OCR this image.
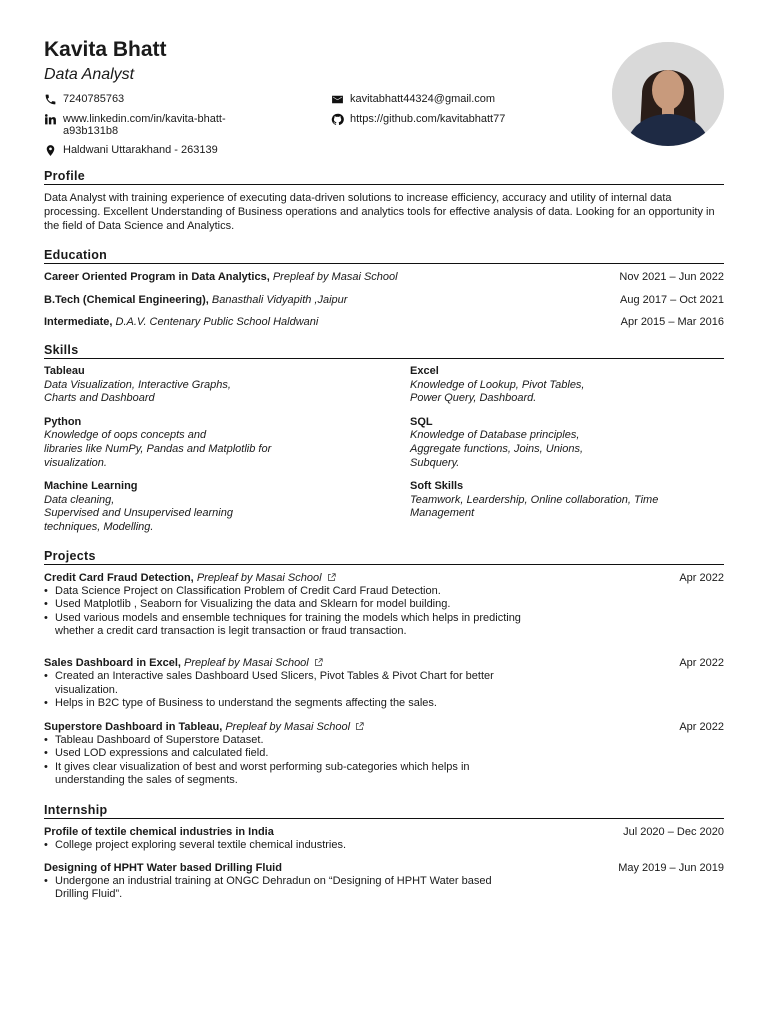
Kavita Bhatt
Data Analyst
7240785763	kavitabhatt44324@gmail.com
www.linkedin.com/in/kavita-bhatt-
a93b131b8
https://github.com/kavitabhatt77
Haldwani Uttarakhand - 263139
Profile

Data Analyst with training experience of executing data-driven solutions to increase efficiency, accuracy and utility of internal data processing. Excellent Understanding of Business operations and analytics tools for effective analysis of data. Looking for an opportunity in the field of Data Science and Analytics.

Education
Career Oriented Program in Data Analytics, Prepleaf by Masai School	Nov 2021 – Jun 2022
B.Tech (Chemical Engineering), Banasthali Vidyapith ,Jaipur	Aug 2017 – Oct 2021
Intermediate, D.A.V. Centenary Public School Haldwani	Apr 2015 – Mar 2016
Skills
Tableau
Data Visualization, Interactive Graphs,
Charts and Dashboard
Excel
Knowledge of Lookup, Pivot Tables,
Power Query, Dashboard.
Python
Knowledge of oops concepts and
libraries like NumPy, Pandas and Matplotlib for
visualization.
SQL
Knowledge of Database principles,
Aggregate functions, Joins, Unions,
Subquery.
Machine Learning
Data cleaning,
Supervised and Unsupervised learning
techniques, Modelling.
Soft Skills
Teamwork, Leardership, Online collaboration, Time
Management
Projects
Credit Card Fraud Detection, Prepleaf by Masai School	Apr 2022
• Data Science Project on Classification Problem of Credit Card Fraud Detection.
• Used Matplotlib , Seaborn for Visualizing the data and Sklearn for model building.
• Used various models and ensemble techniques for training the models which helps in predicting whether a credit card transaction is legit transaction or fraud transaction.
Sales Dashboard in Excel, Prepleaf by Masai School	Apr 2022
• Created an Interactive sales Dashboard Used Slicers, Pivot Tables & Pivot Chart for better visualization.
• Helps in B2C type of Business to understand the segments affecting the sales.
Superstore Dashboard in Tableau, Prepleaf by Masai School	Apr 2022
• Tableau Dashboard of Superstore Dataset.
• Used LOD expressions and calculated field.
• It gives clear visualization of best and worst performing sub-categories which helps in understanding the sales of segments.
Internship
Profile of textile chemical industries in India	Jul 2020 – Dec 2020
• College project exploring several textile chemical industries.
Designing of HPHT Water based Drilling Fluid	May 2019 – Jun 2019
• Undergone an industrial training at ONGC Dehradun on “Designing of HPHT Water based Drilling Fluid”.
